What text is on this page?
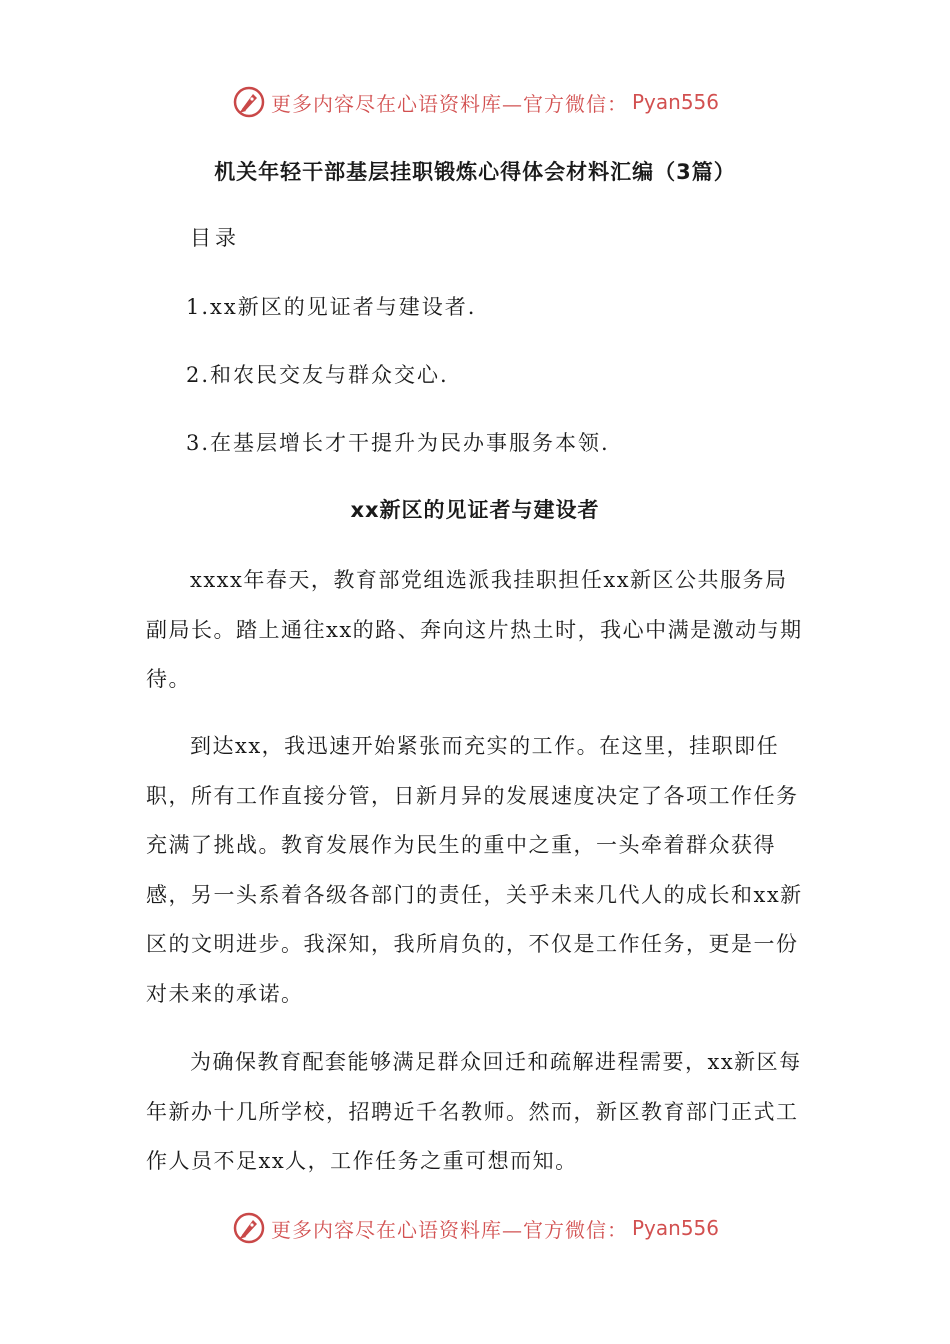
更多内容尽在心语资料库—官方微信： Pyan556
机关年轻干部基层挂职锻炼心得体会材料汇编（3篇）

目录

1.xx新区的见证者与建设者.
2.和农民交友与群众交心.
3.在基层增长才干提升为民办事服务本领.
xx新区的见证者与建设者

xxxx年春天，教育部党组选派我挂职担任xx新区公共服务局副局长。踏上通往xx的路、奔向这片热土时，我心中满是激动与期待。

到达xx，我迅速开始紧张而充实的工作。在这里，挂职即任职，所有工作直接分管，日新月异的发展速度决定了各项工作任务充满了挑战。教育发展作为民生的重中之重，一头牵着群众获得感，另一头系着各级各部门的责任，关乎未来几代人的成长和xx新区的文明进步。我深知，我所肩负的，不仅是工作任务，更是一份对未来的承诺。

为确保教育配套能够满足群众回迁和疏解进程需要，xx新区每年新办十几所学校，招聘近千名教师。然而，新区教育部门正式工作人员不足xx人，工作任务之重可想而知。

更多内容尽在心语资料库—官方微信： Pyan556
